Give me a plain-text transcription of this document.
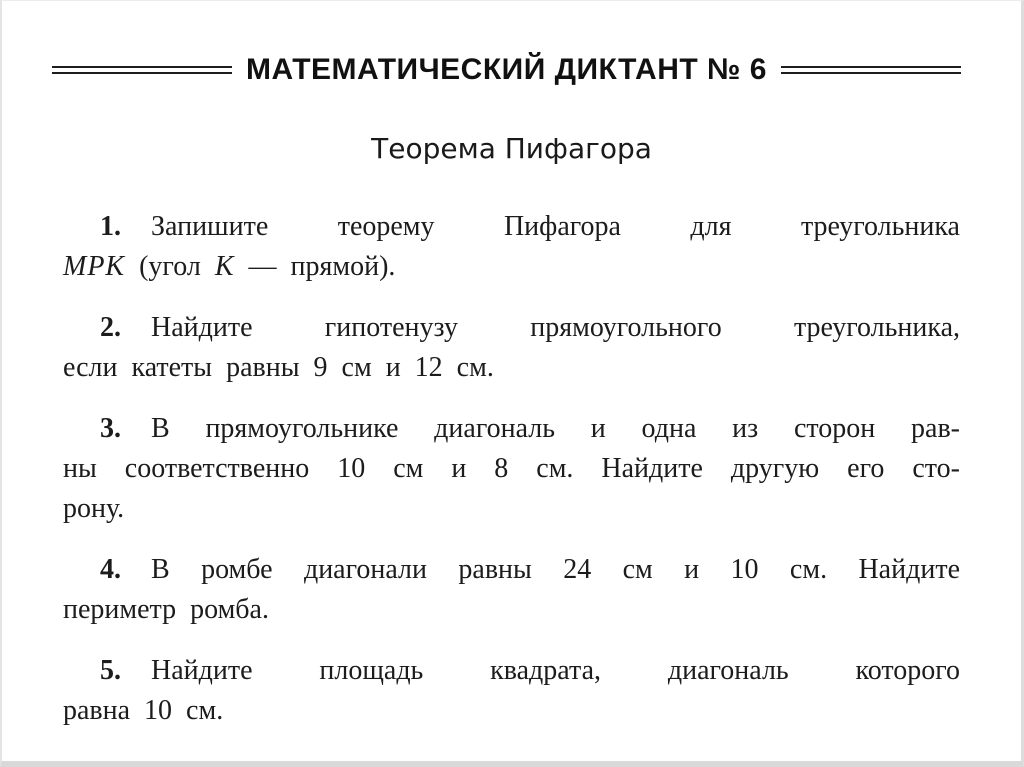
МАТЕМАТИЧЕСКИЙ ДИКТАНТ № 6
Теорема Пифагора
1. Запишите теорему Пифагора для треугольника
MPK (угол K — прямой).
2. Найдите гипотенузу прямоугольного треугольника,
если катеты равны 9 см и 12 см.
3. В прямоугольнике диагональ и одна из сторон рав-
ны соответственно 10 см и 8 см. Найдите другую его сто-
рону.
4. В ромбе диагонали равны 24 см и 10 см. Найдите
периметр ромба.
5. Найдите площадь квадрата, диагональ которого
равна 10 см.
